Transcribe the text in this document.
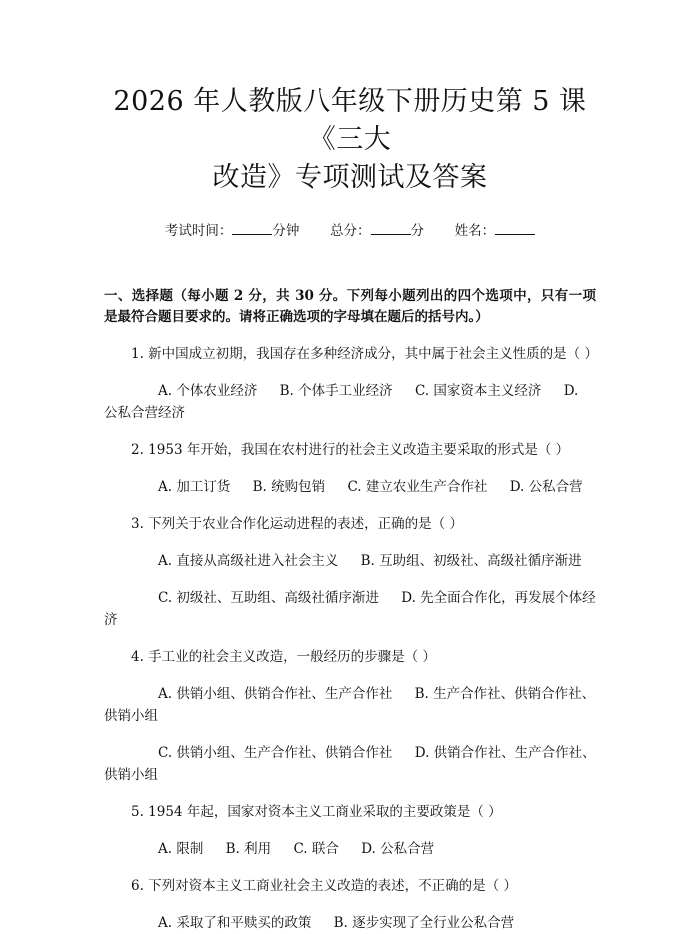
2026 年人教版八年级下册历史第 5 课《三大
改造》专项测试及答案
考试时间：	分钟 总分：	分 姓名：
一、选择题（每小题 2 分，共 30 分。下列每小题列出的四个选项中，只有一项是最符合题目要求的。请将正确选项的字母填在题后的括号内。）
1. 新中国成立初期，我国存在多种经济成分，其中属于社会主义性质的是（ ）
A. 个体农业经济 B. 个体手工业经济 C. 国家资本主义经济 D. 公私合营经济
2. 1953 年开始，我国在农村进行的社会主义改造主要采取的形式是（ ）
A. 加工订货 B. 统购包销 C. 建立农业生产合作社 D. 公私合营
3. 下列关于农业合作化运动进程的表述，正确的是（ ）
A. 直接从高级社进入社会主义 B. 互助组、初级社、高级社循序渐进
C. 初级社、互助组、高级社循序渐进 D. 先全面合作化，再发展个体经济
4. 手工业的社会主义改造，一般经历的步骤是（ ）
A. 供销小组、供销合作社、生产合作社 B. 生产合作社、供销合作社、供销小组
C. 供销小组、生产合作社、供销合作社 D. 供销合作社、生产合作社、供销小组
5. 1954 年起，国家对资本主义工商业采取的主要政策是（ ）
A. 限制 B. 利用 C. 联合 D. 公私合营
6. 下列对资本主义工商业社会主义改造的表述，不正确的是（ ）
A. 采取了和平赎买的政策 B. 逐步实现了全行业公私合营
